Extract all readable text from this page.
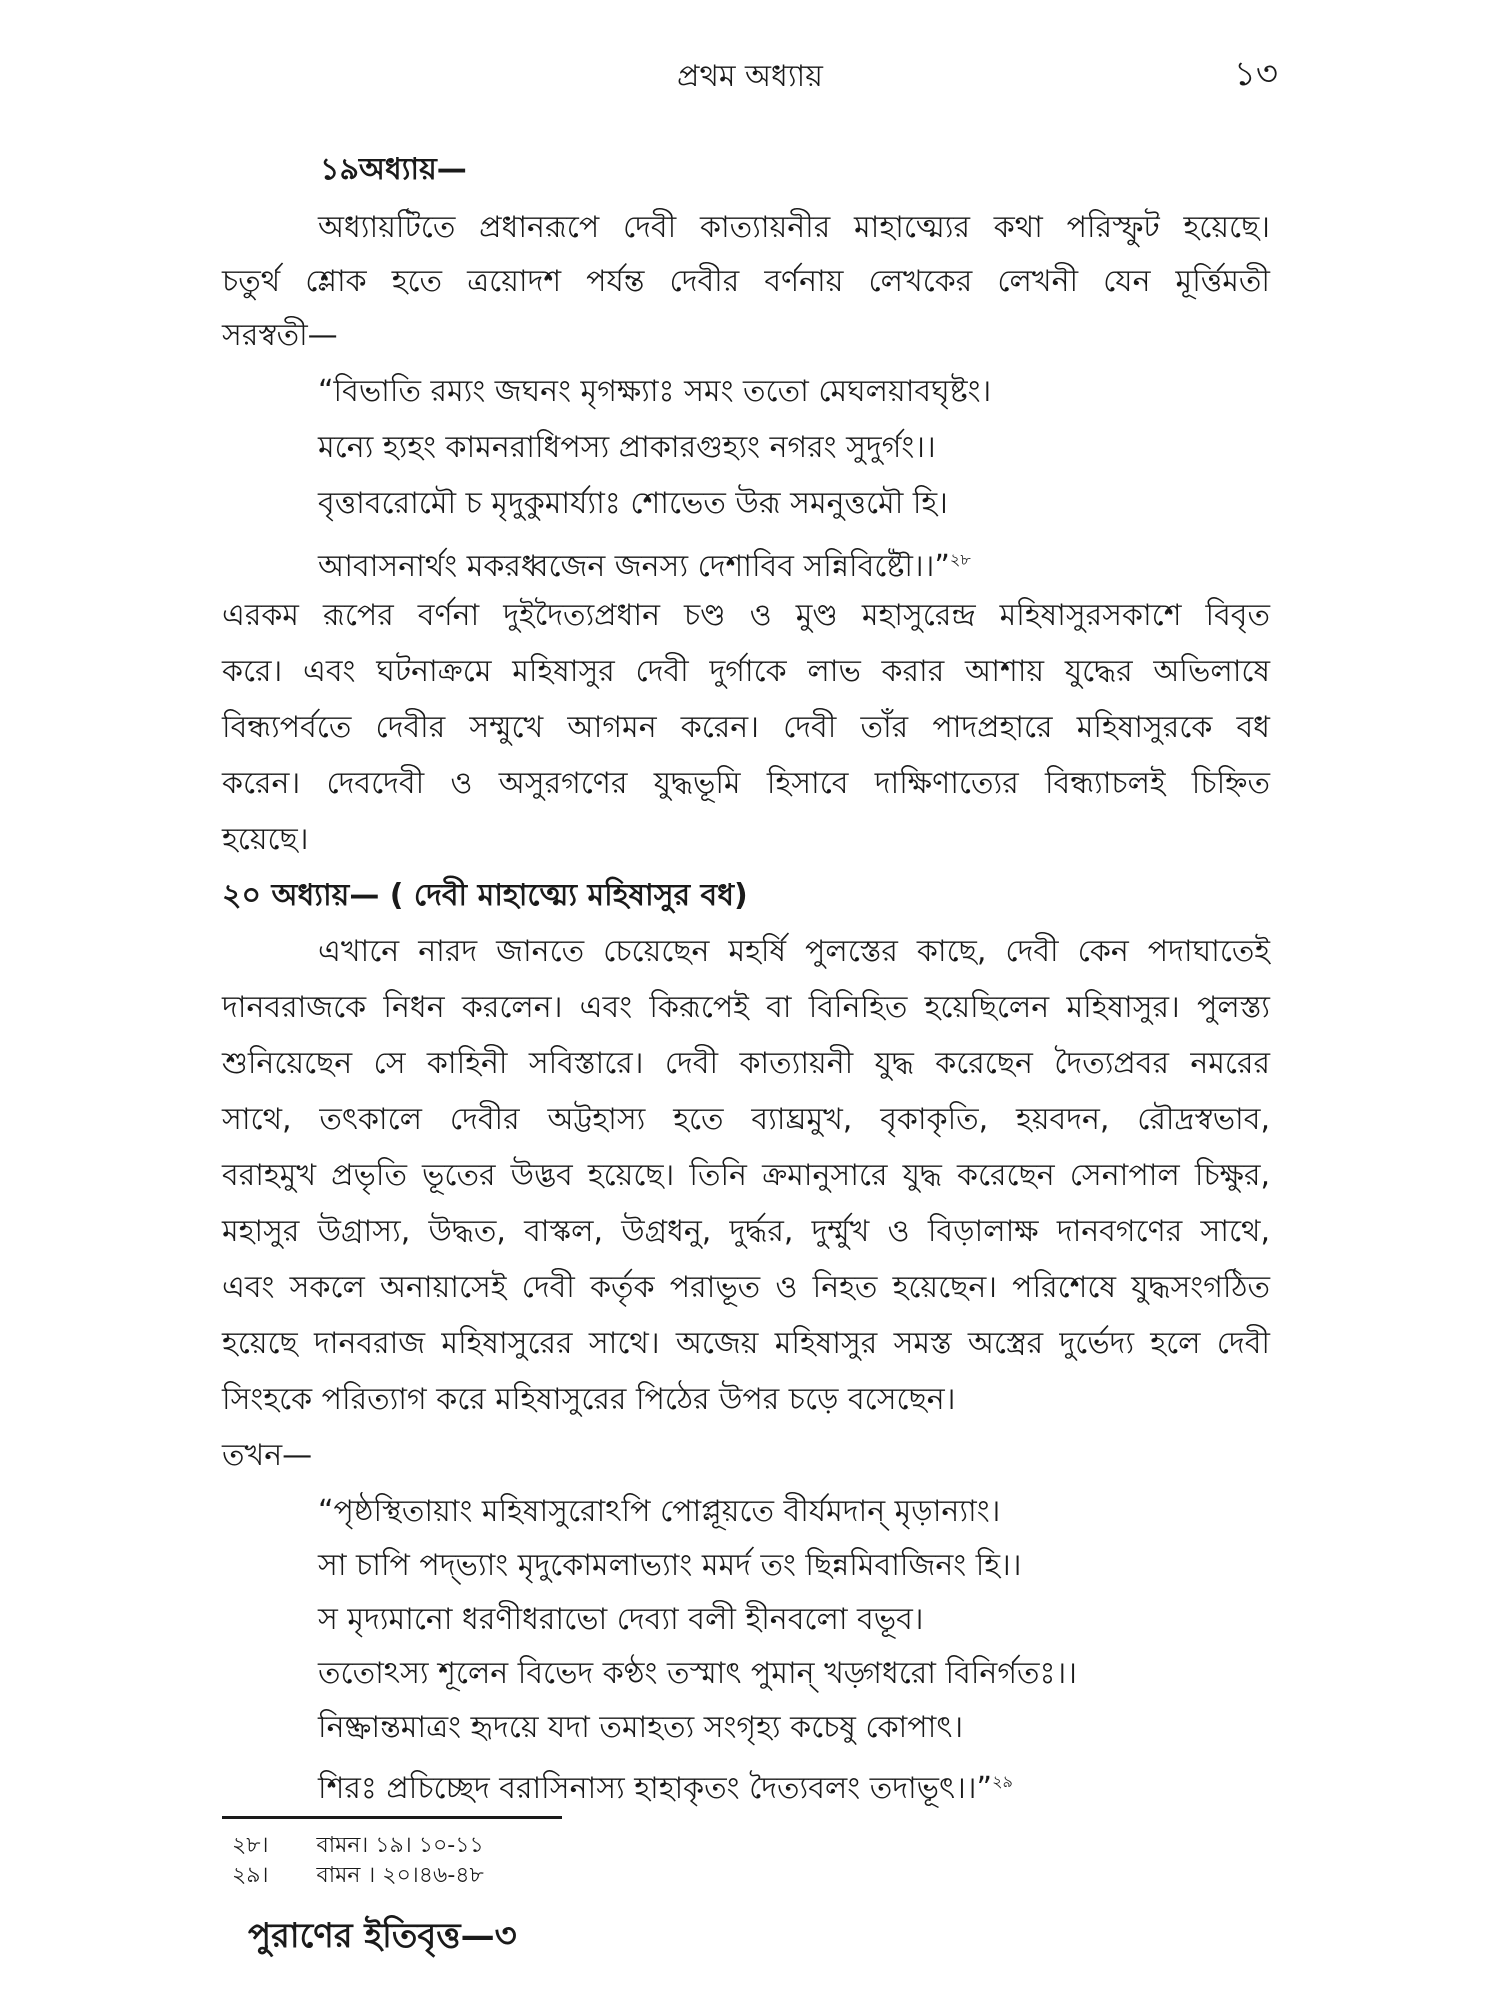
প্রথম অধ্যায়	১৩
১৯অধ্যায়—
অধ্যায়টিতে প্রধানরূপে দেবী কাত্যায়নীর মাহাত্ম্যের কথা পরিস্ফুট হয়েছে।
চতুর্থ শ্লোক হতে ত্রয়োদশ পর্যন্ত দেবীর বর্ণনায় লেখকের লেখনী যেন মূর্ত্তিমতী
সরস্বতী—
“বিভাতি রম্যং জঘনং মৃগক্ষ্যাঃ সমং ততো মেঘলয়াবঘৃষ্টং।
মন্যে হ্যহং কামনরাধিপস্য প্রাকারগুহ্যং নগরং সুদুর্গং।।
বৃত্তাবরোমৌ চ মৃদুকুমার্য্যাঃ শোভেত উরূ সমনুত্তমৌ হি।
আবাসনার্থং মকরধ্বজেন জনস্য দেশাবিব সন্নিবিষ্টৌ।।”$^{২৮}$
এরকম রূপের বর্ণনা দুইদৈত্যপ্রধান চণ্ড ও মুণ্ড মহাসুরেন্দ্র মহিষাসুরসকাশে বিবৃত
করে। এবং ঘটনাক্রমে মহিষাসুর দেবী দুর্গাকে লাভ করার আশায় যুদ্ধের অভিলাষে
বিন্ধ্যপর্বতে দেবীর সম্মুখে আগমন করেন। দেবী তাঁর পাদপ্রহারে মহিষাসুরকে বধ
করেন। দেবদেবী ও অসুরগণের যুদ্ধভূমি হিসাবে দাক্ষিণাত্যের বিন্ধ্যাচলই চিহ্নিত
হয়েছে।
২০ অধ্যায়— ( দেবী মাহাত্ম্যে মহিষাসুর বধ)
এখানে নারদ জানতে চেয়েছেন মহর্ষি পুলস্তের কাছে, দেবী কেন পদাঘাতেই
দানবরাজকে নিধন করলেন। এবং কিরূপেই বা বিনিহিত হয়েছিলেন মহিষাসুর। পুলস্ত্য
শুনিয়েছেন সে কাহিনী সবিস্তারে। দেবী কাত্যায়নী যুদ্ধ করেছেন দৈত্যপ্রবর নমরের
সাথে, তৎকালে দেবীর অট্টহাস্য হতে ব্যাঘ্রমুখ, বৃকাকৃতি, হয়বদন, রৌদ্রস্বভাব,
বরাহমুখ প্রভৃতি ভূতের উদ্ভব হয়েছে। তিনি ক্রমানুসারে যুদ্ধ করেছেন সেনাপাল চিক্ষুর,
মহাসুর উগ্রাস্য, উদ্ধত, বাস্কল, উগ্রধনু, দুর্দ্ধর, দুর্ম্মুখ ও বিড়ালাক্ষ দানবগণের সাথে,
এবং সকলে অনায়াসেই দেবী কর্তৃক পরাভূত ও নিহত হয়েছেন। পরিশেষে যুদ্ধসংগঠিত
হয়েছে দানবরাজ মহিষাসুরের সাথে। অজেয় মহিষাসুর সমস্ত অস্ত্রের দুর্ভেদ্য হলে দেবী
সিংহকে পরিত্যাগ করে মহিষাসুরের পিঠের উপর চড়ে বসেছেন।
তখন—
“পৃষ্ঠস্থিতায়াং মহিষাসুরোঽপি পোপ্লূয়তে বীর্যমদান্ মৃড়ান্যাং।
সা চাপি পদ্‌ভ্যাং মৃদুকোমলাভ্যাং মমর্দ তং ছিন্নমিবাজিনং হি।।
স মৃদ্যমানো ধরণীধরাভো দেব্যা বলী হীনবলো বভূব।
ততোঽস্য শূলেন বিভেদ কণ্ঠং তস্মাৎ পুমান্ খড়্গধরো বিনির্গতঃ।।
নিষ্ক্রান্তমাত্রং হৃদয়ে যদা তমাহত্য সংগৃহ্য কচেষু কোপাৎ।
শিরঃ প্রচিচ্ছেদ বরাসিনাস্য হাহাকৃতং দৈত্যবলং তদাভূৎ।।”$^{২৯}$
২৮। বামন। ১৯। ১০-১১
২৯। বামন । ২০।৪৬-৪৮
পুরাণের ইতিবৃত্ত—৩
